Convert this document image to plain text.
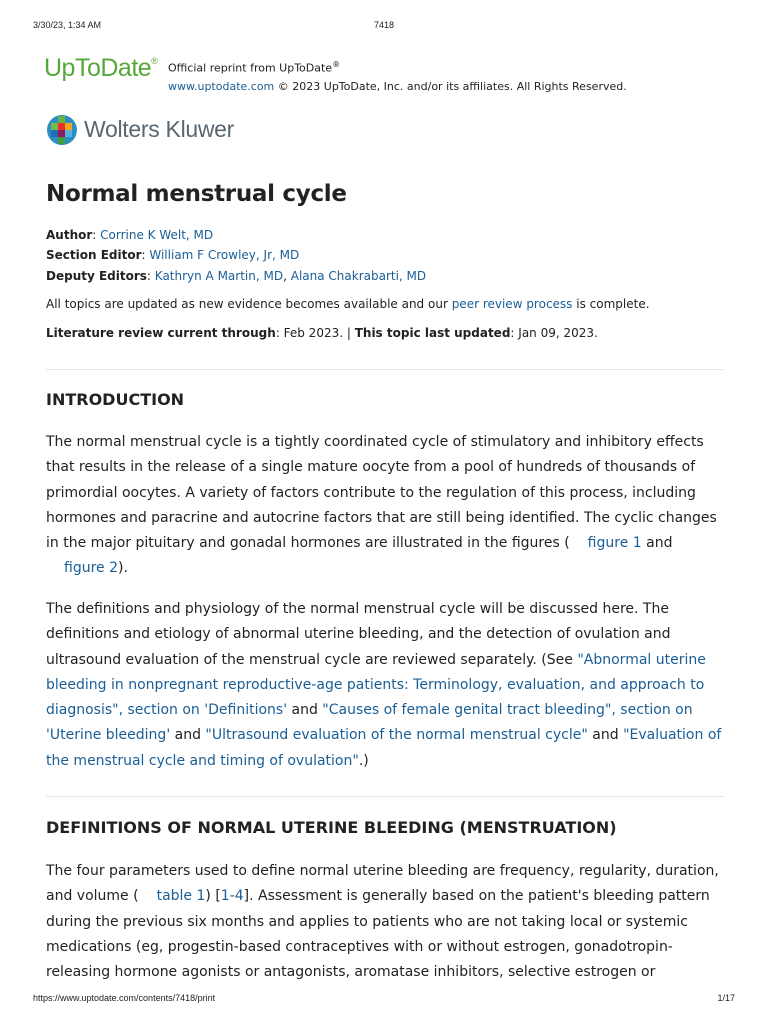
3/30/23, 1:34 AM	7418
UpToDate®
Official reprint from UpToDate®
www.uptodate.com © 2023 UpToDate, Inc. and/or its affiliates. All Rights Reserved.
Wolters Kluwer
Normal menstrual cycle
Author: Corrine K Welt, MD
Section Editor: William F Crowley, Jr, MD
Deputy Editors: Kathryn A Martin, MD, Alana Chakrabarti, MD
All topics are updated as new evidence becomes available and our peer review process is complete.
Literature review current through: Feb 2023. | This topic last updated: Jan 09, 2023.
INTRODUCTION

The normal menstrual cycle is a tightly coordinated cycle of stimulatory and inhibitory effects that results in the release of a single mature oocyte from a pool of hundreds of thousands of primordial oocytes. A variety of factors contribute to the regulation of this process, including hormones and paracrine and autocrine factors that are still being identified. The cyclic changes in the major pituitary and gonadal hormones are illustrated in the figures ( figure 1 and
figure 2).

The definitions and physiology of the normal menstrual cycle will be discussed here. The definitions and etiology of abnormal uterine bleeding, and the detection of ovulation and ultrasound evaluation of the menstrual cycle are reviewed separately. (See "Abnormal uterine bleeding in nonpregnant reproductive-age patients: Terminology, evaluation, and approach to diagnosis", section on 'Definitions' and "Causes of female genital tract bleeding", section on 'Uterine bleeding' and "Ultrasound evaluation of the normal menstrual cycle" and "Evaluation of the menstrual cycle and timing of ovulation".)

DEFINITIONS OF NORMAL UTERINE BLEEDING (MENSTRUATION)

The four parameters used to define normal uterine bleeding are frequency, regularity, duration, and volume ( table 1) [1-4]. Assessment is generally based on the patient's bleeding pattern during the previous six months and applies to patients who are not taking local or systemic medications (eg, progestin-based contraceptives with or without estrogen, gonadotropin-releasing hormone agonists or antagonists, aromatase inhibitors, selective estrogen or

https://www.uptodate.com/contents/7418/print	1/17
